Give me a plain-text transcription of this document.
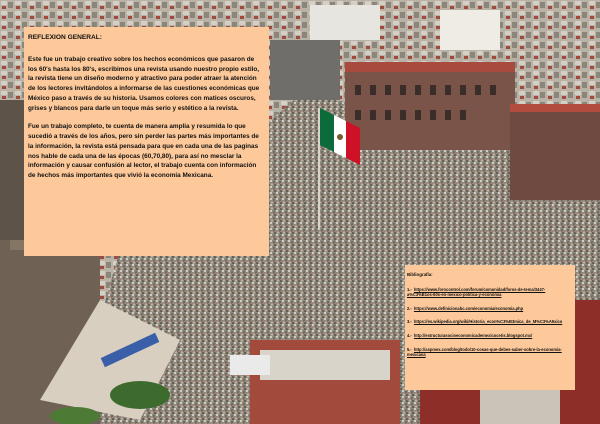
REFLEXION GENERAL:

Este fue un trabajo creativo sobre los hechos económicos que pasaron de los 60's hasta los 80's, escribimos una revista usando nuestro propio estilo, la revista tiene un diseño moderno y atractivo para poder atraer la atención de los lectores invitándolos a informarse de las cuestiones económicas que México paso a través de su historia. Usamos colores con matices oscuros, grises y blancos para darle un toque más serio y estético a la revista.

Fue un trabajo completo, te cuenta de manera amplia y resumida lo que sucedió a través de los años, pero sin perder las partes más importantes de la información, la revista está pensada para que en cada una de las paginas nos hable de cada una de las épocas (60,70,80), para así no mesclar la información y causar confusión al lector, el trabajo cuenta con información de hechos más importantes que vivió la economía Mexicana.

Bibliografía:
1.- https://www.forocontrol.com/forum/comunidad/foros-de-tema/3447-a%C3%B1os-60s-en-mexico-politica-y-economia
2.- https://www.definicionabc.com/economia/economia.php
3.- https://es.wikipedia.org/wiki/Historia_econ%C3%B3mica_de_M%C3%A9xico
4.- http://estructurasocioeconomicademexicocetis.blogspot.mx/
5.- http://aspmex.com/blog/todo/10-cosas-que-debes-saber-sobre-la-economia-mexicana
